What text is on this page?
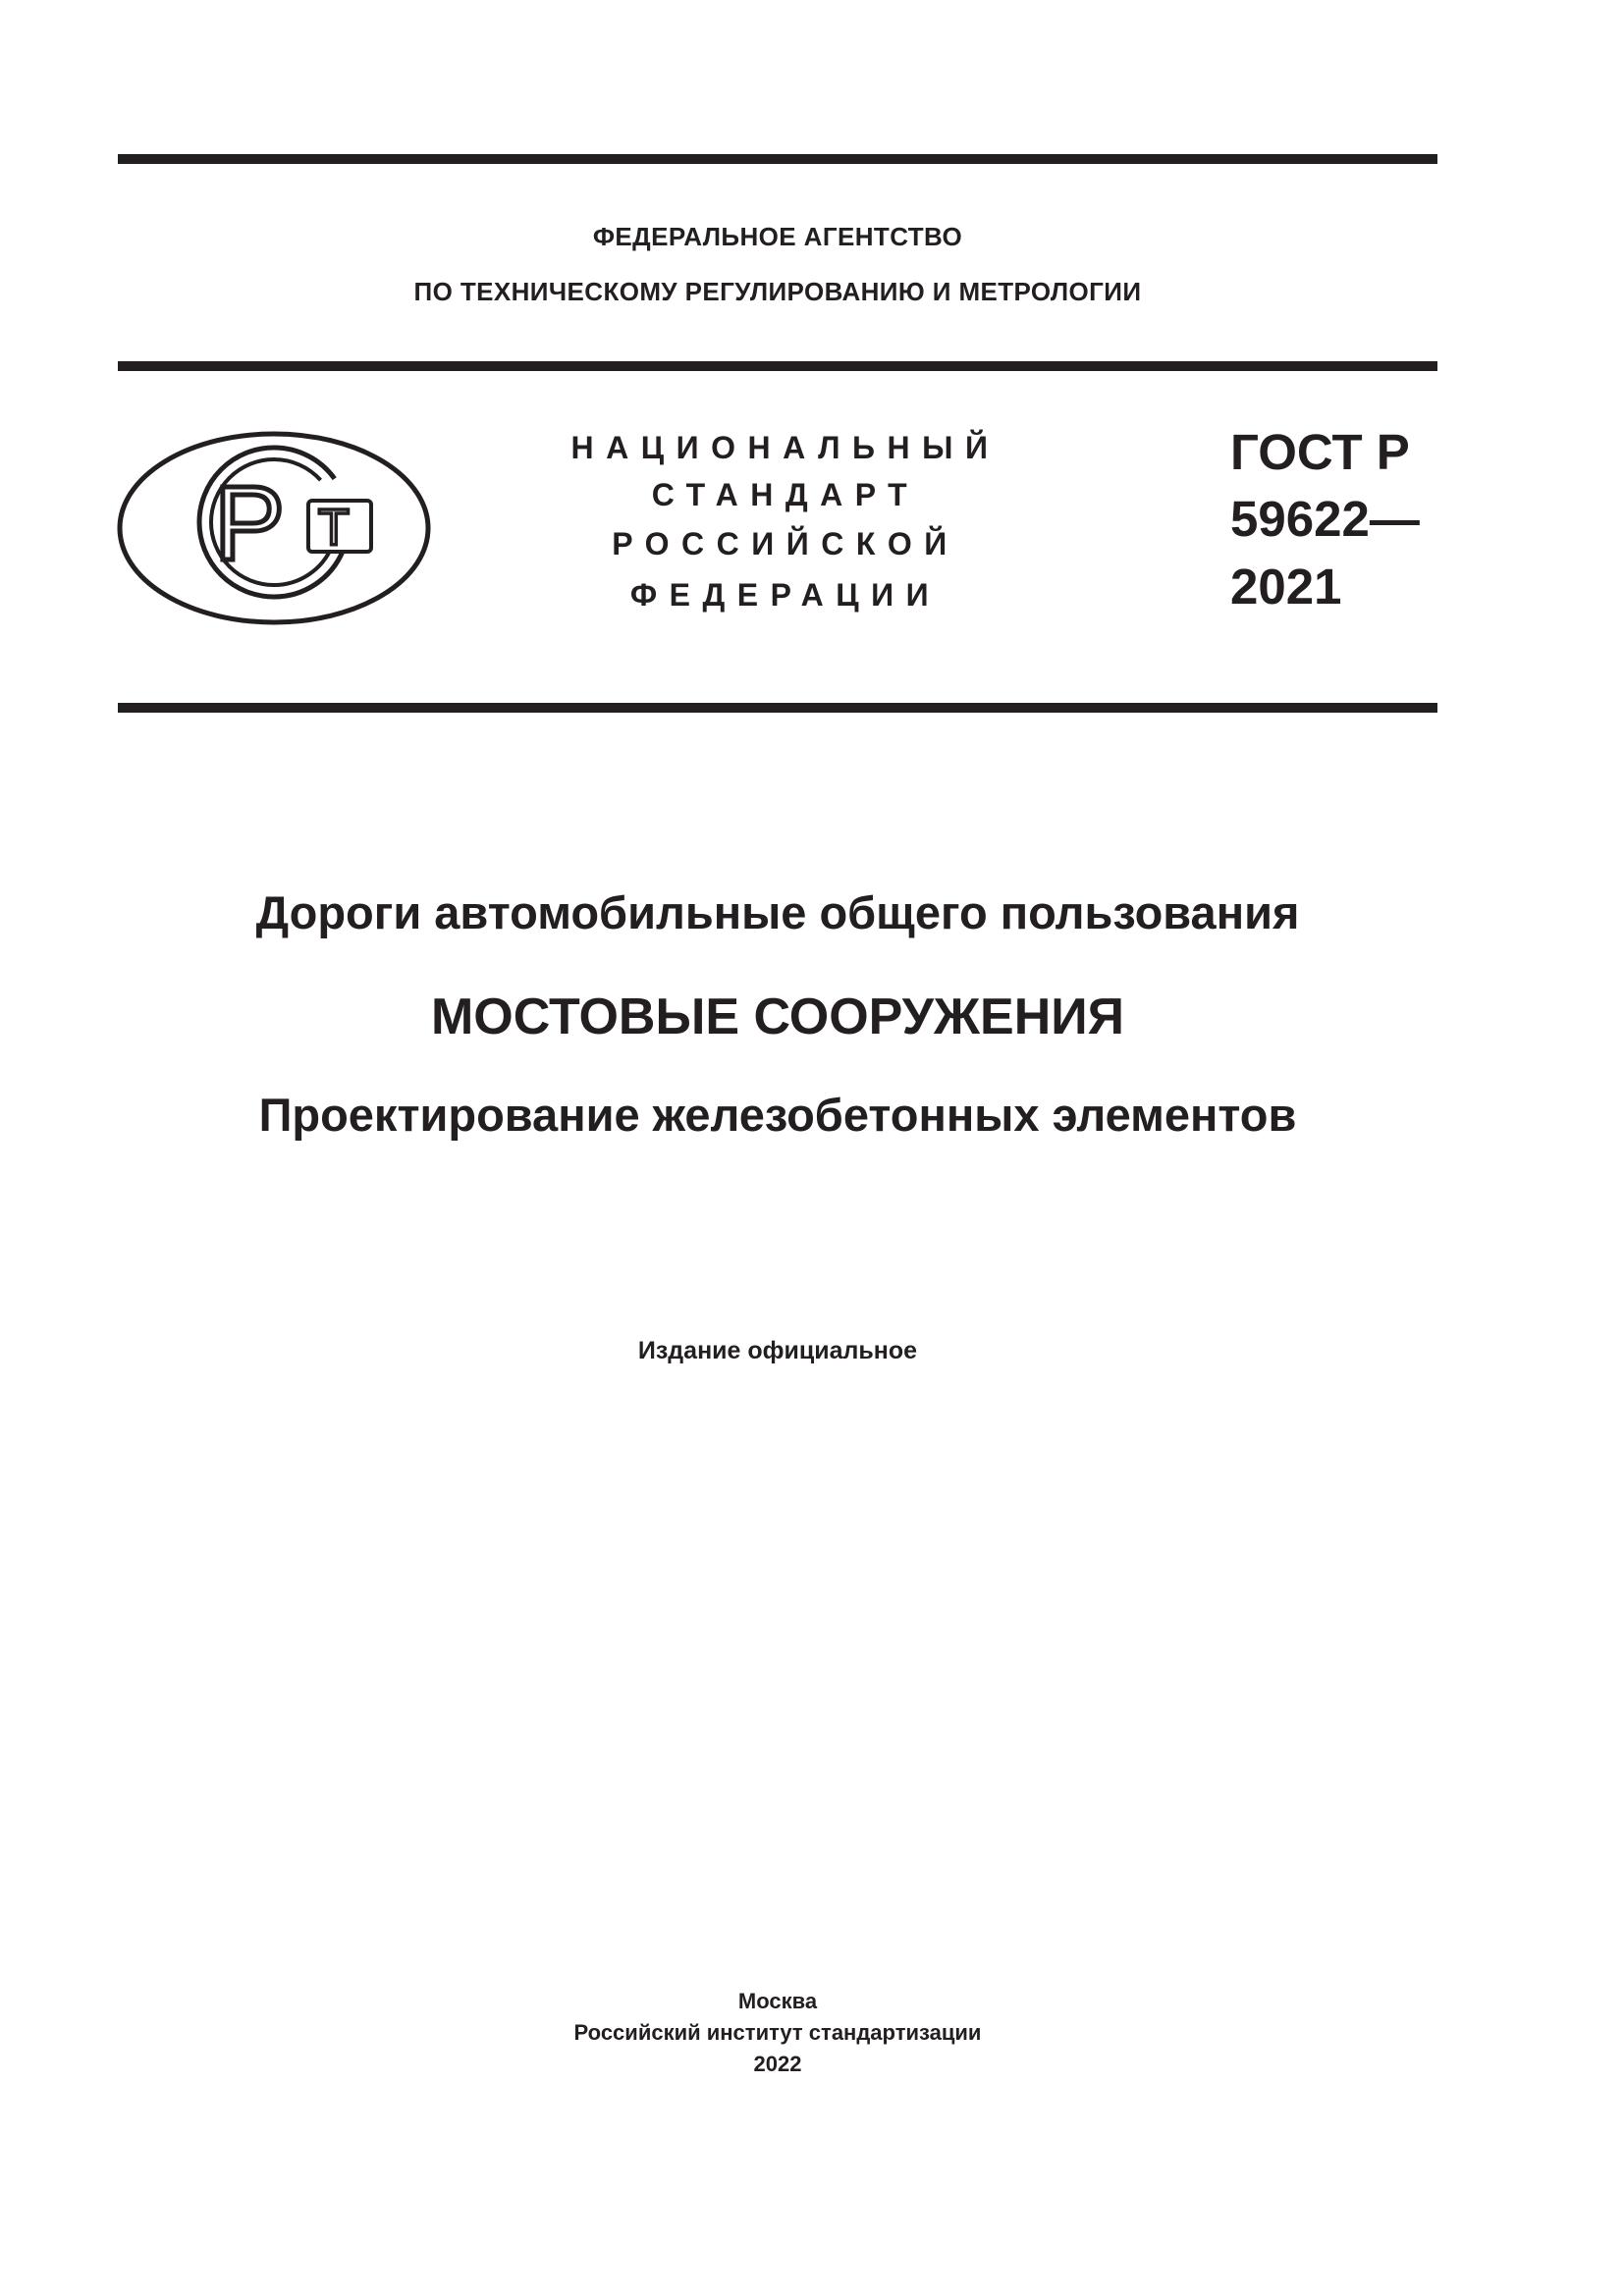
ФЕДЕРАЛЬНОЕ АГЕНТСТВО
ПО ТЕХНИЧЕСКОМУ РЕГУЛИРОВАНИЮ И МЕТРОЛОГИИ
Р Т
НАЦИОНАЛЬНЫЙ
СТАНДАРТ
РОССИЙСКОЙ
ФЕДЕРАЦИИ
ГОСТ Р
59622—
2021
Дороги автомобильные общего пользования
МОСТОВЫЕ СООРУЖЕНИЯ
Проектирование железобетонных элементов
Издание официальное
Москва
Российский институт стандартизации
2022
